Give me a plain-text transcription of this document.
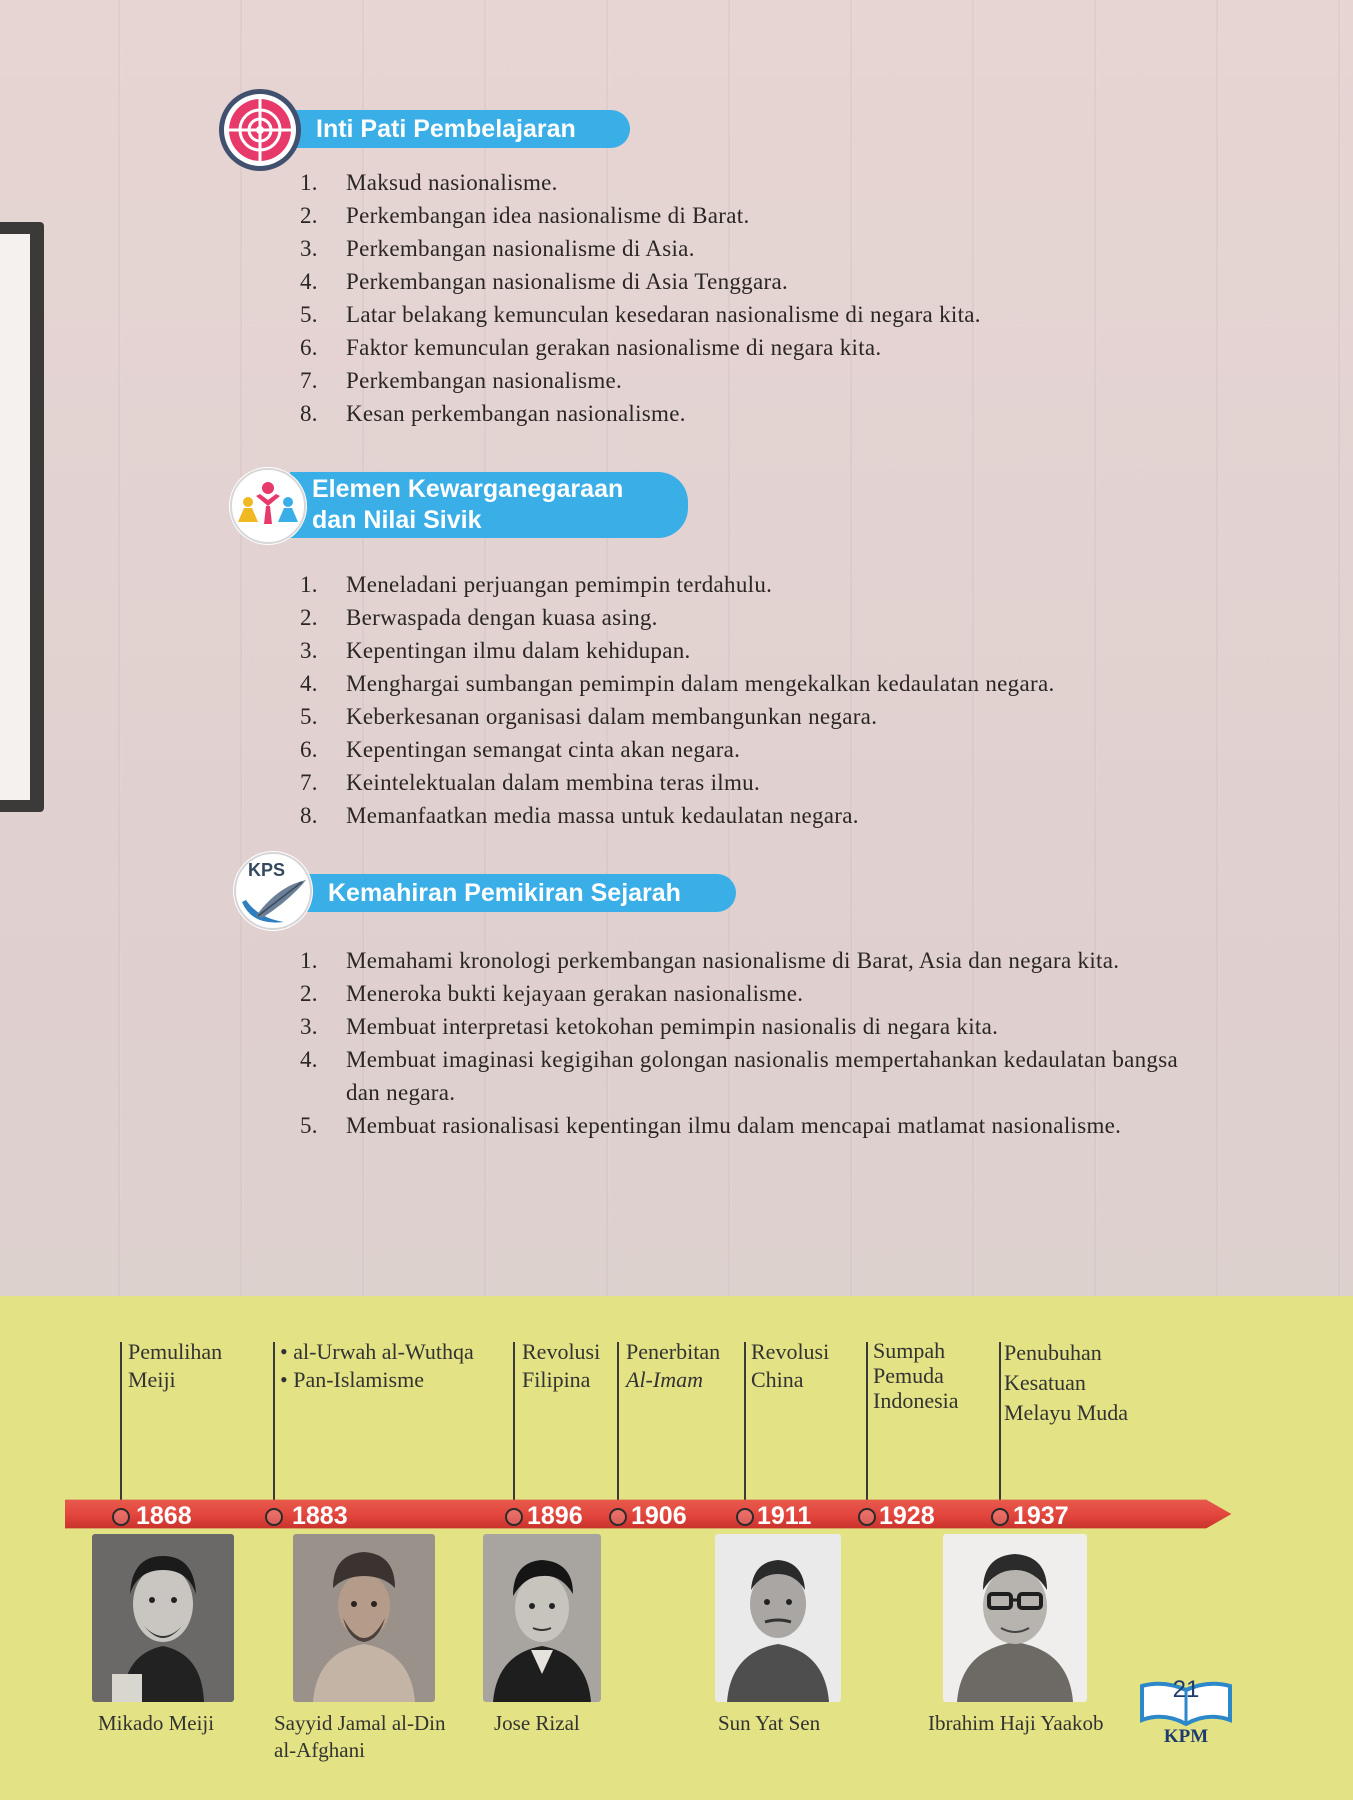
Inti Pati Pembelajaran
1.	Maksud nasionalisme.
2.	Perkembangan idea nasionalisme di Barat.
3.	Perkembangan nasionalisme di Asia.
4.	Perkembangan nasionalisme di Asia Tenggara.
5.	Latar belakang kemunculan kesedaran nasionalisme di negara kita.
6.	Faktor kemunculan gerakan nasionalisme di negara kita.
7.	Perkembangan nasionalisme.
8.	Kesan perkembangan nasionalisme.
Elemen Kewarganegaraan
dan Nilai Sivik
1.	Meneladani perjuangan pemimpin terdahulu.
2.	Berwaspada dengan kuasa asing.
3.	Kepentingan ilmu dalam kehidupan.
4.	Menghargai sumbangan pemimpin dalam mengekalkan kedaulatan negara.
5.	Keberkesanan organisasi dalam membangunkan negara.
6.	Kepentingan semangat cinta akan negara.
7.	Keintelektualan dalam membina teras ilmu.
8.	Memanfaatkan media massa untuk kedaulatan negara.
Kemahiran Pemikiran Sejarah
KPS
1.	Memahami kronologi perkembangan nasionalisme di Barat, Asia dan negara kita.
2.	Meneroka bukti kejayaan gerakan nasionalisme.
3.	Membuat interpretasi ketokohan pemimpin nasionalis di negara kita.
4.	Membuat imaginasi kegigihan golongan nasionalis mempertahankan kedaulatan bangsa dan negara.
5.	Membuat rasionalisasi kepentingan ilmu dalam mencapai matlamat nasionalisme.
Pemulihan
Meiji
• al-Urwah al-Wuthqa
• Pan-Islamisme
Revolusi
Filipina
Penerbitan
Al-Imam
Revolusi
China
Sumpah
Pemuda
Indonesia
Penubuhan
Kesatuan
Melayu Muda
1868	1883	1896 1906	1911	1928	1937
Mikado Meiji	Sayyid Jamal al-Din
al-Afghani
Jose Rizal	Sun Yat Sen	Ibrahim Haji Yaakob
21
KPM
